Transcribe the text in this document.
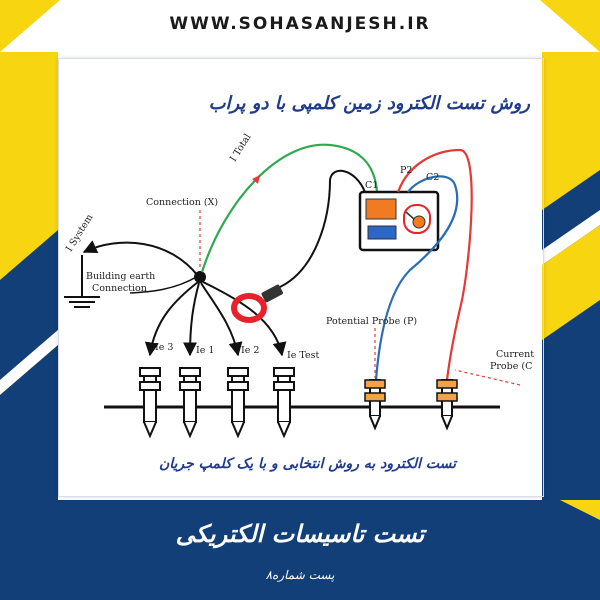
WWW.SOHASANJESH.IR
روش تست الکترود زمین کلمپی با دو پراب
I Total
I System
Building earth
Connection
Connection (X)
Ie 3 Ie 1	Ie 2	Ie Test
Potential Probe (P)
Current
Probe (C
C1
P2
C2
تست الکترود به روش انتخابی و با یک کلمپ جریان
تست تاسیسات الکتریکی
پست شماره۸
